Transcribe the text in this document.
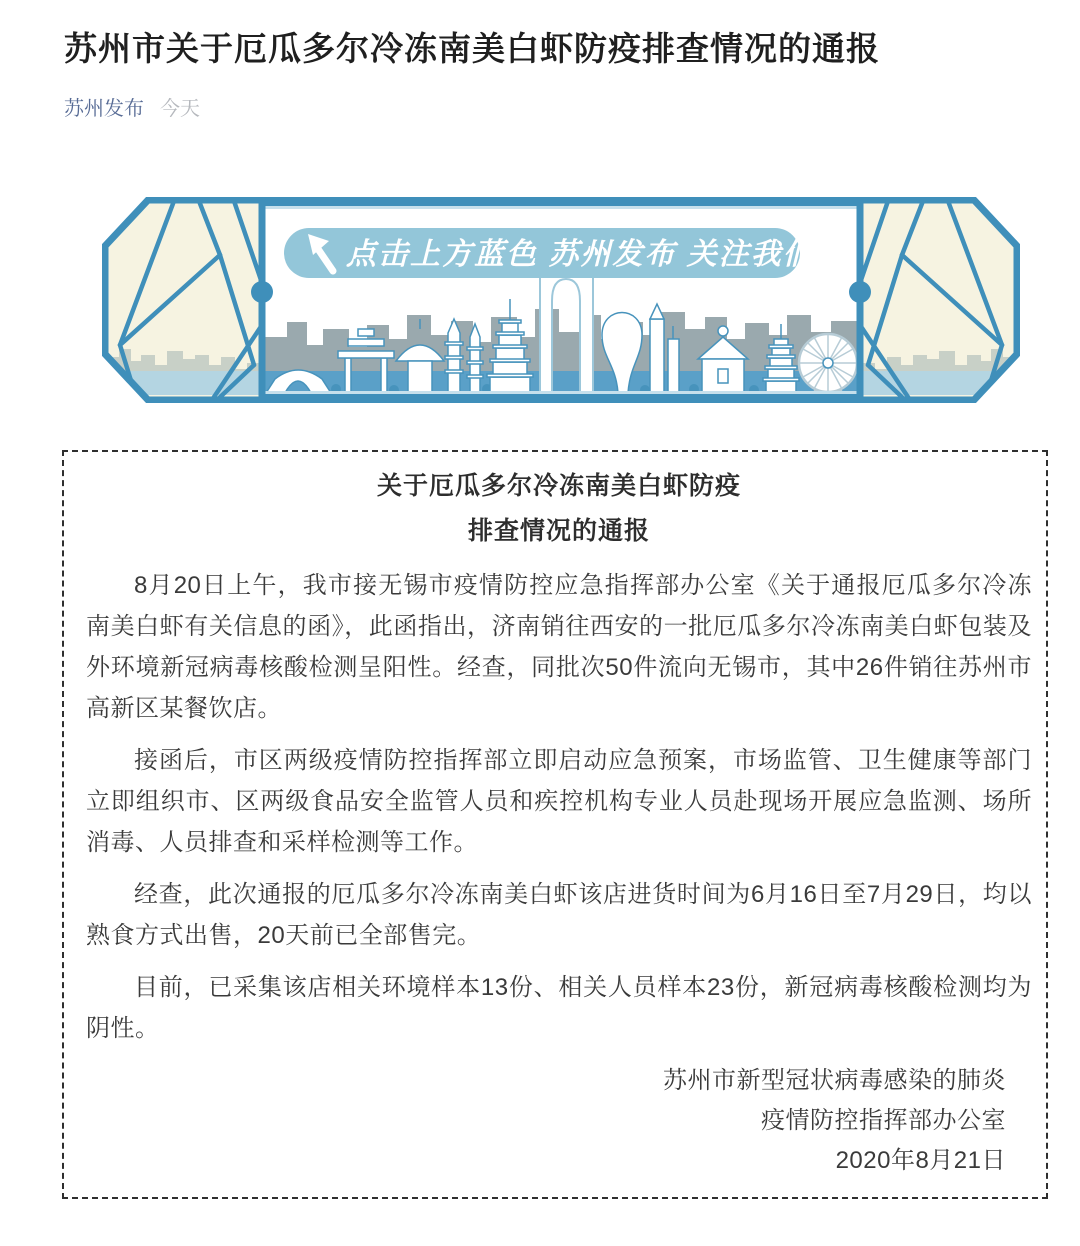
苏州市关于厄瓜多尔冷冻南美白虾防疫排查情况的通报
苏州发布 今天
点击上方蓝色 苏州发布 关注我们
关于厄瓜多尔冷冻南美白虾防疫
排查情况的通报

8月20日上午，我市接无锡市疫情防控应急指挥部办公室《关于通报厄瓜多尔冷冻南美白虾有关信息的函》，此函指出，济南销往西安的一批厄瓜多尔冷冻南美白虾包装及外环境新冠病毒核酸检测呈阳性。经查，同批次50件流向无锡市，其中26件销往苏州市高新区某餐饮店。

接函后，市区两级疫情防控指挥部立即启动应急预案，市场监管、卫生健康等部门立即组织市、区两级食品安全监管人员和疾控机构专业人员赴现场开展应急监测、场所消毒、人员排查和采样检测等工作。

经查，此次通报的厄瓜多尔冷冻南美白虾该店进货时间为6月16日至7月29日，均以熟食方式出售，20天前已全部售完。

目前，已采集该店相关环境样本13份、相关人员样本23份，新冠病毒核酸检测均为阴性。

苏州市新型冠状病毒感染的肺炎
疫情防控指挥部办公室
2020年8月21日
